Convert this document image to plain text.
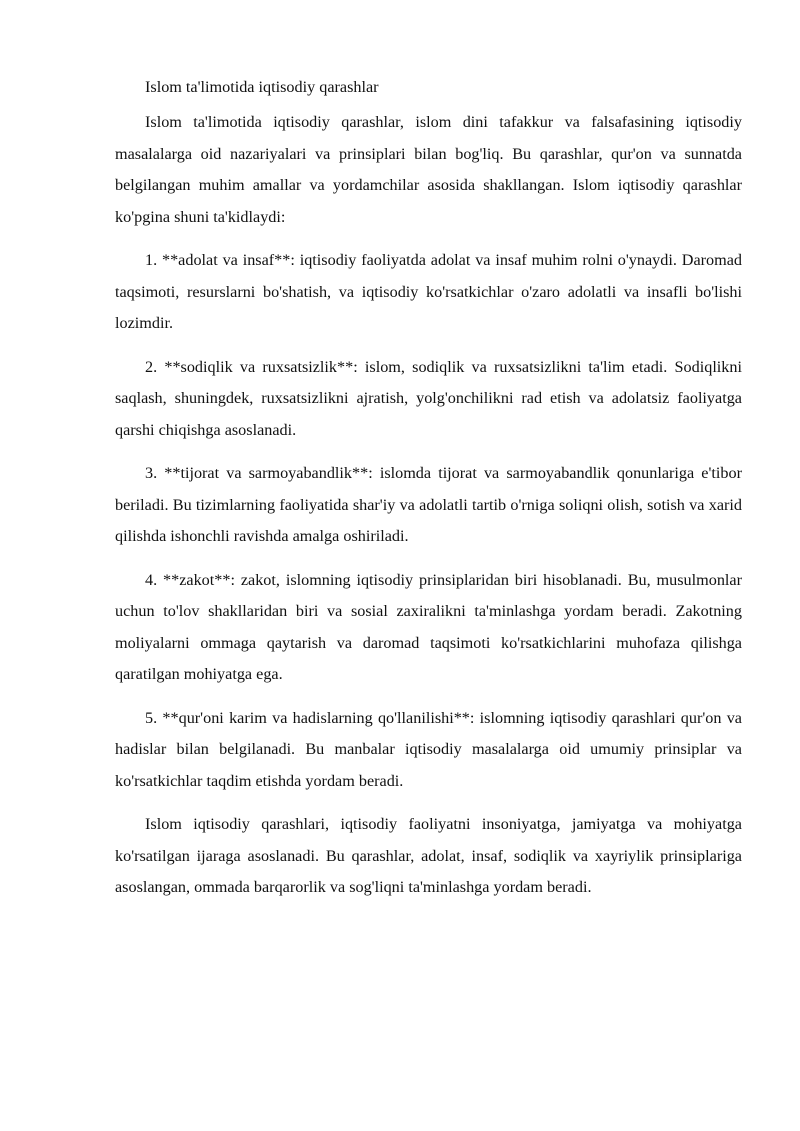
Islom ta'limotida iqtisodiy qarashlar

Islom ta'limotida iqtisodiy qarashlar, islom dini tafakkur va falsafasining iqtisodiy masalalarga oid nazariyalari va prinsiplari bilan bog'liq. Bu qarashlar, qur'on va sunnatda belgilangan muhim amallar va yordamchilar asosida shakllangan. Islom iqtisodiy qarashlar ko'pgina shuni ta'kidlaydi:

1. **adolat va insaf**: iqtisodiy faoliyatda adolat va insaf muhim rolni o'ynaydi. Daromad taqsimoti, resurslarni bo'shatish, va iqtisodiy ko'rsatkichlar o'zaro adolatli va insafli bo'lishi lozimdir.

2. **sodiqlik va ruxsatsizlik**: islom, sodiqlik va ruxsatsizlikni ta'lim etadi. Sodiqlikni saqlash, shuningdek, ruxsatsizlikni ajratish, yolg'onchilikni rad etish va adolatsiz faoliyatga qarshi chiqishga asoslanadi.

3. **tijorat va sarmoyabandlik**: islomda tijorat va sarmoyabandlik qonunlariga e'tibor beriladi. Bu tizimlarning faoliyatida shar'iy va adolatli tartib o'rniga soliqni olish, sotish va xarid qilishda ishonchli ravishda amalga oshiriladi.

4. **zakot**: zakot, islomning iqtisodiy prinsiplaridan biri hisoblanadi. Bu, musulmonlar uchun to'lov shakllaridan biri va sosial zaxiralikni ta'minlashga yordam beradi. Zakotning moliyalarni ommaga qaytarish va daromad taqsimoti ko'rsatkichlarini muhofaza qilishga qaratilgan mohiyatga ega.

5. **qur'oni karim va hadislarning qo'llanilishi**: islomning iqtisodiy qarashlari qur'on va hadislar bilan belgilanadi. Bu manbalar iqtisodiy masalalarga oid umumiy prinsiplar va ko'rsatkichlar taqdim etishda yordam beradi.

Islom iqtisodiy qarashlari, iqtisodiy faoliyatni insoniyatga, jamiyatga va mohiyatga ko'rsatilgan ijaraga asoslanadi. Bu qarashlar, adolat, insaf, sodiqlik va xayriylik prinsiplariga asoslangan, ommada barqarorlik va sog'liqni ta'minlashga yordam beradi.
